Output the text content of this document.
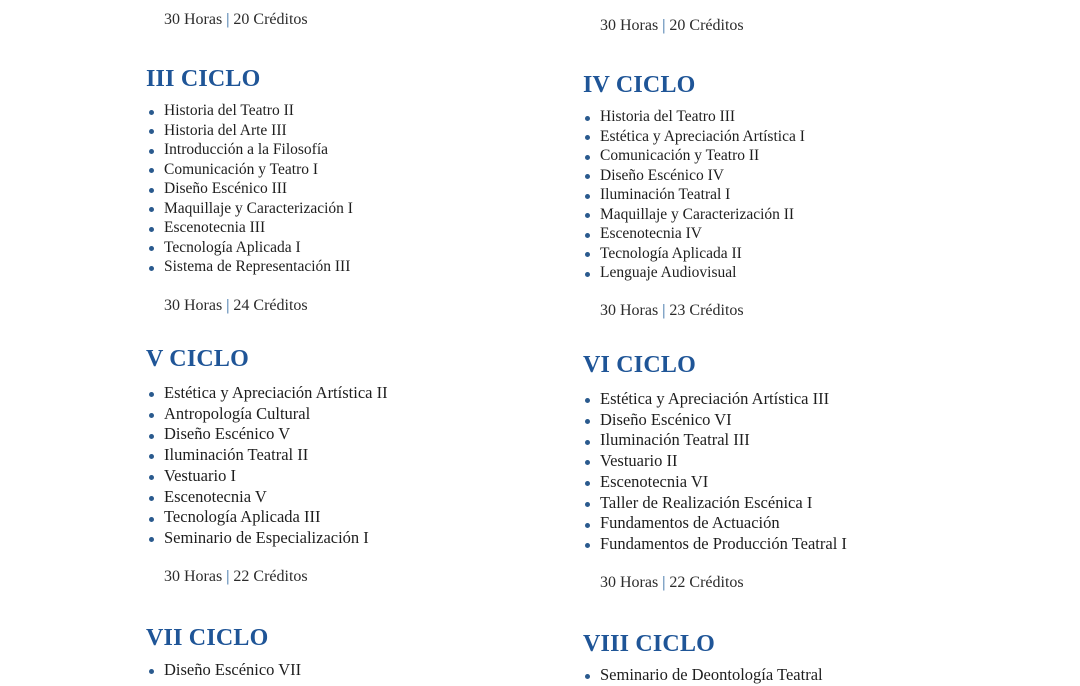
30 Horas | 20 Créditos	30 Horas | 20 Créditos
III CICLO
Historia del Teatro II
Historia del Arte III
Introducción a la Filosofía
Comunicación y Teatro I
Diseño Escénico III
Maquillaje y Caracterización I
Escenotecnia III
Tecnología Aplicada I
Sistema de Representación III
30 Horas | 24 Créditos
IV CICLO
Historia del Teatro III
Estética y Apreciación Artística I
Comunicación y Teatro II
Diseño Escénico IV
Iluminación Teatral I
Maquillaje y Caracterización II
Escenotecnia IV
Tecnología Aplicada II
Lenguaje Audiovisual
30 Horas | 23 Créditos
V CICLO
Estética y Apreciación Artística II
Antropología Cultural
Diseño Escénico V
Iluminación Teatral II
Vestuario I
Escenotecnia V
Tecnología Aplicada III
Seminario de Especialización I
30 Horas | 22 Créditos
VI CICLO
Estética y Apreciación Artística III
Diseño Escénico VI
Iluminación Teatral III
Vestuario II
Escenotecnia VI
Taller de Realización Escénica I
Fundamentos de Actuación
Fundamentos de Producción Teatral I
30 Horas | 22 Créditos
VII CICLO
Diseño Escénico VII
VIII CICLO
Seminario de Deontología Teatral
